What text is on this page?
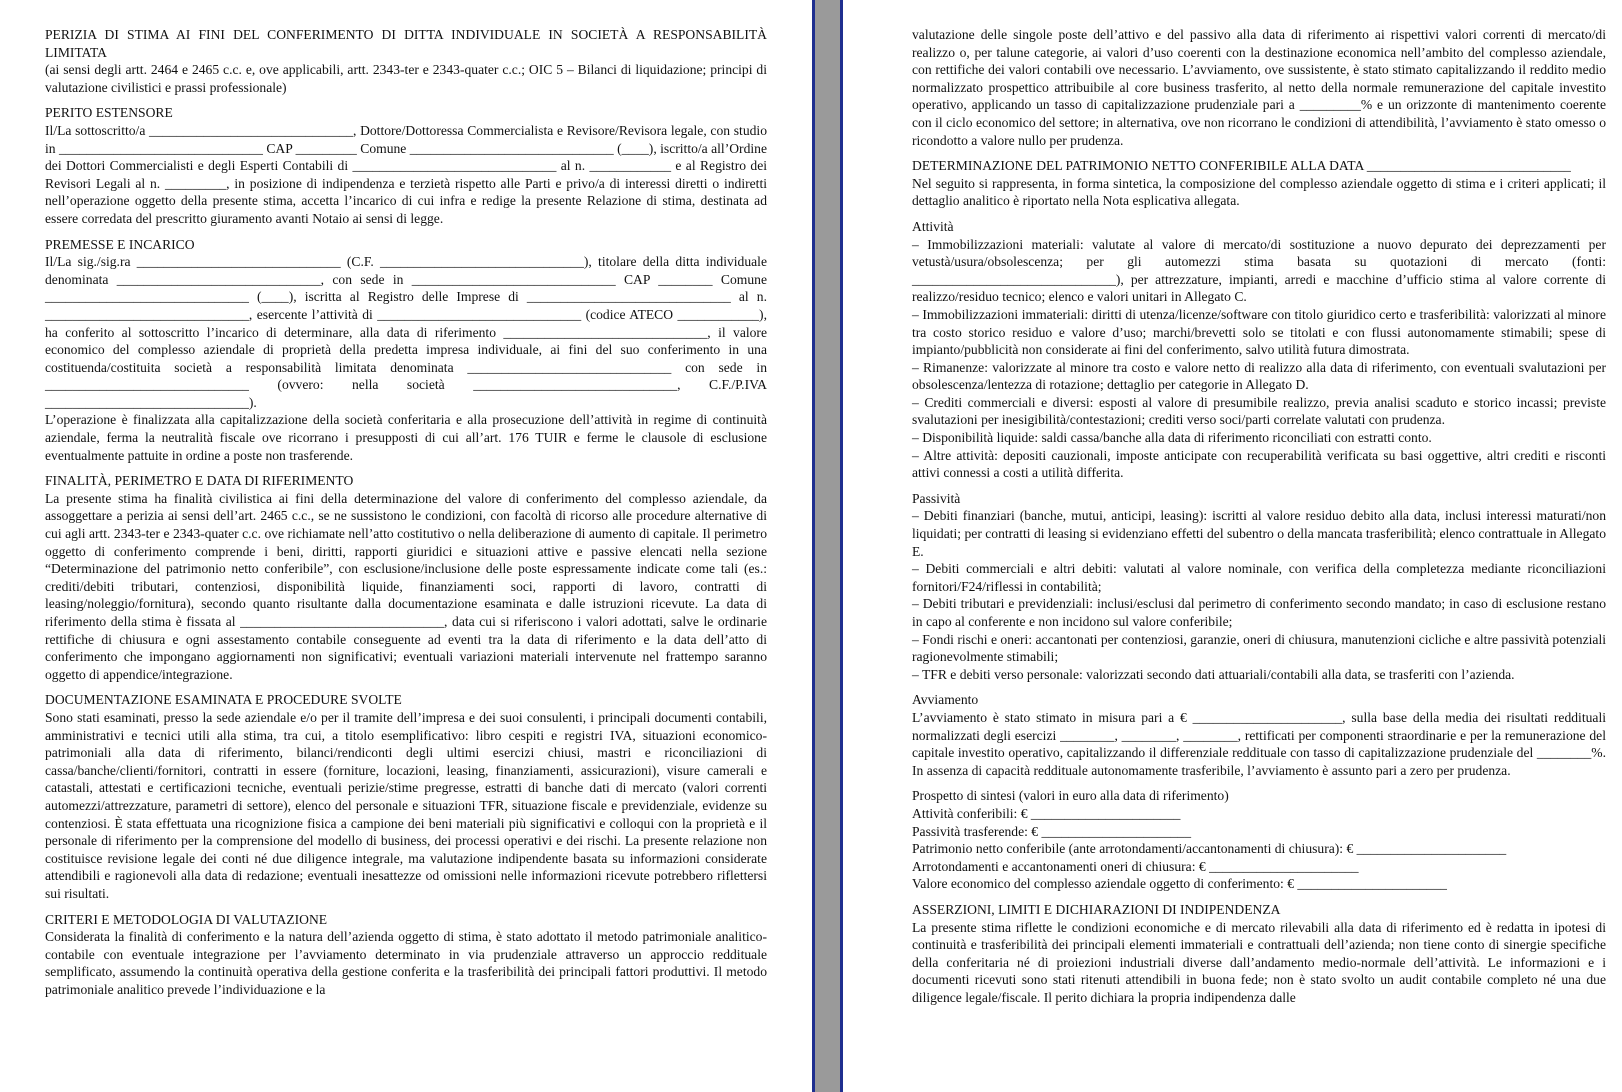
PERIZIA DI STIMA AI FINI DEL CONFERIMENTO DI DITTA INDIVIDUALE IN SOCIETÀ A RESPONSABILITÀ LIMITATA

(ai sensi degli artt. 2464 e 2465 c.c. e, ove applicabili, artt. 2343-ter e 2343-quater c.c.; OIC 5 – Bilanci di liquidazione; principi di valutazione civilistici e prassi professionale)

PERITO ESTENSORE

Il/La sottoscritto/a ______________________________, Dottore/Dottoressa Commercialista e Revisore/Revisora legale, con studio in ______________________________ CAP _________ Comune ______________________________ (____), iscritto/a all’Ordine dei Dottori Commercialisti e degli Esperti Contabili di ______________________________ al n. ____________ e al Registro dei Revisori Legali al n. _________, in posizione di indipendenza e terzietà rispetto alle Parti e privo/a di interessi diretti o indiretti nell’operazione oggetto della presente stima, accetta l’incarico di cui infra e redige la presente Relazione di stima, destinata ad essere corredata del prescritto giuramento avanti Notaio ai sensi di legge.

PREMESSE E INCARICO

Il/La sig./sig.ra ______________________________ (C.F. ______________________________), titolare della ditta individuale denominata ______________________________, con sede in ______________________________ CAP ________ Comune ______________________________ (____), iscritta al Registro delle Imprese di ______________________________ al n. ______________________________, esercente l’attività di ______________________________ (codice ATECO ____________), ha conferito al sottoscritto l’incarico di determinare, alla data di riferimento ______________________________, il valore economico del complesso aziendale di proprietà della predetta impresa individuale, ai fini del suo conferimento in una costituenda/costituita società a responsabilità limitata denominata ______________________________ con sede in ______________________________ (ovvero: nella società ______________________________, C.F./P.IVA ______________________________).

L’operazione è finalizzata alla capitalizzazione della società conferitaria e alla prosecuzione dell’attività in regime di continuità aziendale, ferma la neutralità fiscale ove ricorrano i presupposti di cui all’art. 176 TUIR e ferme le clausole di esclusione eventualmente pattuite in ordine a poste non trasferende.

FINALITÀ, PERIMETRO E DATA DI RIFERIMENTO

La presente stima ha finalità civilistica ai fini della determinazione del valore di conferimento del complesso aziendale, da assoggettare a perizia ai sensi dell’art. 2465 c.c., se ne sussistono le condizioni, con facoltà di ricorso alle procedure alternative di cui agli artt. 2343-ter e 2343-quater c.c. ove richiamate nell’atto costitutivo o nella deliberazione di aumento di capitale. Il perimetro oggetto di conferimento comprende i beni, diritti, rapporti giuridici e situazioni attive e passive elencati nella sezione “Determinazione del patrimonio netto conferibile”, con esclusione/inclusione delle poste espressamente indicate come tali (es.: crediti/debiti tributari, contenziosi, disponibilità liquide, finanziamenti soci, rapporti di lavoro, contratti di leasing/noleggio/fornitura), secondo quanto risultante dalla documentazione esaminata e dalle istruzioni ricevute. La data di riferimento della stima è fissata al ______________________________, data cui si riferiscono i valori adottati, salve le ordinarie rettifiche di chiusura e ogni assestamento contabile conseguente ad eventi tra la data di riferimento e la data dell’atto di conferimento che impongano aggiornamenti non significativi; eventuali variazioni materiali intervenute nel frattempo saranno oggetto di appendice/integrazione.

DOCUMENTAZIONE ESAMINATA E PROCEDURE SVOLTE

Sono stati esaminati, presso la sede aziendale e/o per il tramite dell’impresa e dei suoi consulenti, i principali documenti contabili, amministrativi e tecnici utili alla stima, tra cui, a titolo esemplificativo: libro cespiti e registri IVA, situazioni economico-patrimoniali alla data di riferimento, bilanci/rendiconti degli ultimi esercizi chiusi, mastri e riconciliazioni di cassa/banche/clienti/fornitori, contratti in essere (forniture, locazioni, leasing, finanziamenti, assicurazioni), visure camerali e catastali, attestati e certificazioni tecniche, eventuali perizie/stime pregresse, estratti di banche dati di mercato (valori correnti automezzi/attrezzature, parametri di settore), elenco del personale e situazioni TFR, situazione fiscale e previdenziale, evidenze su contenziosi. È stata effettuata una ricognizione fisica a campione dei beni materiali più significativi e colloqui con la proprietà e il personale di riferimento per la comprensione del modello di business, dei processi operativi e dei rischi. La presente relazione non costituisce revisione legale dei conti né due diligence integrale, ma valutazione indipendente basata su informazioni considerate attendibili e ragionevoli alla data di redazione; eventuali inesattezze od omissioni nelle informazioni ricevute potrebbero riflettersi sui risultati.

CRITERI E METODOLOGIA DI VALUTAZIONE

Considerata la finalità di conferimento e la natura dell’azienda oggetto di stima, è stato adottato il metodo patrimoniale analitico-contabile con eventuale integrazione per l’avviamento determinato in via prudenziale attraverso un approccio reddituale semplificato, assumendo la continuità operativa della gestione conferita e la trasferibilità dei principali fattori produttivi. Il metodo patrimoniale analitico prevede l’individuazione e la

valutazione delle singole poste dell’attivo e del passivo alla data di riferimento ai rispettivi valori correnti di mercato/di realizzo o, per talune categorie, ai valori d’uso coerenti con la destinazione economica nell’ambito del complesso aziendale, con rettifiche dei valori contabili ove necessario. L’avviamento, ove sussistente, è stato stimato capitalizzando il reddito medio normalizzato prospettico attribuibile al core business trasferito, al netto della normale remunerazione del capitale investito operativo, applicando un tasso di capitalizzazione prudenziale pari a _________% e un orizzonte di mantenimento coerente con il ciclo economico del settore; in alternativa, ove non ricorrano le condizioni di attendibilità, l’avviamento è stato omesso o ricondotto a valore nullo per prudenza.

DETERMINAZIONE DEL PATRIMONIO NETTO CONFERIBILE ALLA DATA ______________________________

Nel seguito si rappresenta, in forma sintetica, la composizione del complesso aziendale oggetto di stima e i criteri applicati; il dettaglio analitico è riportato nella Nota esplicativa allegata.

Attività

– Immobilizzazioni materiali: valutate al valore di mercato/di sostituzione a nuovo depurato dei deprezzamenti per vetustà/usura/obsolescenza; per gli automezzi stima basata su quotazioni di mercato (fonti: ______________________________), per attrezzature, impianti, arredi e macchine d’ufficio stima al valore corrente di realizzo/residuo tecnico; elenco e valori unitari in Allegato C.

– Immobilizzazioni immateriali: diritti di utenza/licenze/software con titolo giuridico certo e trasferibilità: valorizzati al minore tra costo storico residuo e valore d’uso; marchi/brevetti solo se titolati e con flussi autonomamente stimabili; spese di impianto/pubblicità non considerate ai fini del conferimento, salvo utilità futura dimostrata.

– Rimanenze: valorizzate al minore tra costo e valore netto di realizzo alla data di riferimento, con eventuali svalutazioni per obsolescenza/lentezza di rotazione; dettaglio per categorie in Allegato D.

– Crediti commerciali e diversi: esposti al valore di presumibile realizzo, previa analisi scaduto e storico incassi; previste svalutazioni per inesigibilità/contestazioni; crediti verso soci/parti correlate valutati con prudenza.

– Disponibilità liquide: saldi cassa/banche alla data di riferimento riconciliati con estratti conto.

– Altre attività: depositi cauzionali, imposte anticipate con recuperabilità verificata su basi oggettive, altri crediti e risconti attivi connessi a costi a utilità differita.

Passività

– Debiti finanziari (banche, mutui, anticipi, leasing): iscritti al valore residuo debito alla data, inclusi interessi maturati/non liquidati; per contratti di leasing si evidenziano effetti del subentro o della mancata trasferibilità; elenco contrattuale in Allegato E.

– Debiti commerciali e altri debiti: valutati al valore nominale, con verifica della completezza mediante riconciliazioni fornitori/F24/riflessi in contabilità;

– Debiti tributari e previdenziali: inclusi/esclusi dal perimetro di conferimento secondo mandato; in caso di esclusione restano in capo al conferente e non incidono sul valore conferibile;

– Fondi rischi e oneri: accantonati per contenziosi, garanzie, oneri di chiusura, manutenzioni cicliche e altre passività potenziali ragionevolmente stimabili;

– TFR e debiti verso personale: valorizzati secondo dati attuariali/contabili alla data, se trasferiti con l’azienda.

Avviamento

L’avviamento è stato stimato in misura pari a € ______________________, sulla base della media dei risultati reddituali normalizzati degli esercizi ________, ________, ________, rettificati per componenti straordinarie e per la remunerazione del capitale investito operativo, capitalizzando il differenziale reddituale con tasso di capitalizzazione prudenziale del ________%. In assenza di capacità reddituale autonomamente trasferibile, l’avviamento è assunto pari a zero per prudenza.

Prospetto di sintesi (valori in euro alla data di riferimento)

Attività conferibili: € ______________________

Passività trasferende: € ______________________

Patrimonio netto conferibile (ante arrotondamenti/accantonamenti di chiusura): € ______________________

Arrotondamenti e accantonamenti oneri di chiusura: € ______________________

Valore economico del complesso aziendale oggetto di conferimento: € ______________________

ASSERZIONI, LIMITI E DICHIARAZIONI DI INDIPENDENZA

La presente stima riflette le condizioni economiche e di mercato rilevabili alla data di riferimento ed è redatta in ipotesi di continuità e trasferibilità dei principali elementi immateriali e contrattuali dell’azienda; non tiene conto di sinergie specifiche della conferitaria né di proiezioni industriali diverse dall’andamento medio-normale dell’attività. Le informazioni e i documenti ricevuti sono stati ritenuti attendibili in buona fede; non è stato svolto un audit contabile completo né una due diligence legale/fiscale. Il perito dichiara la propria indipendenza dalle
